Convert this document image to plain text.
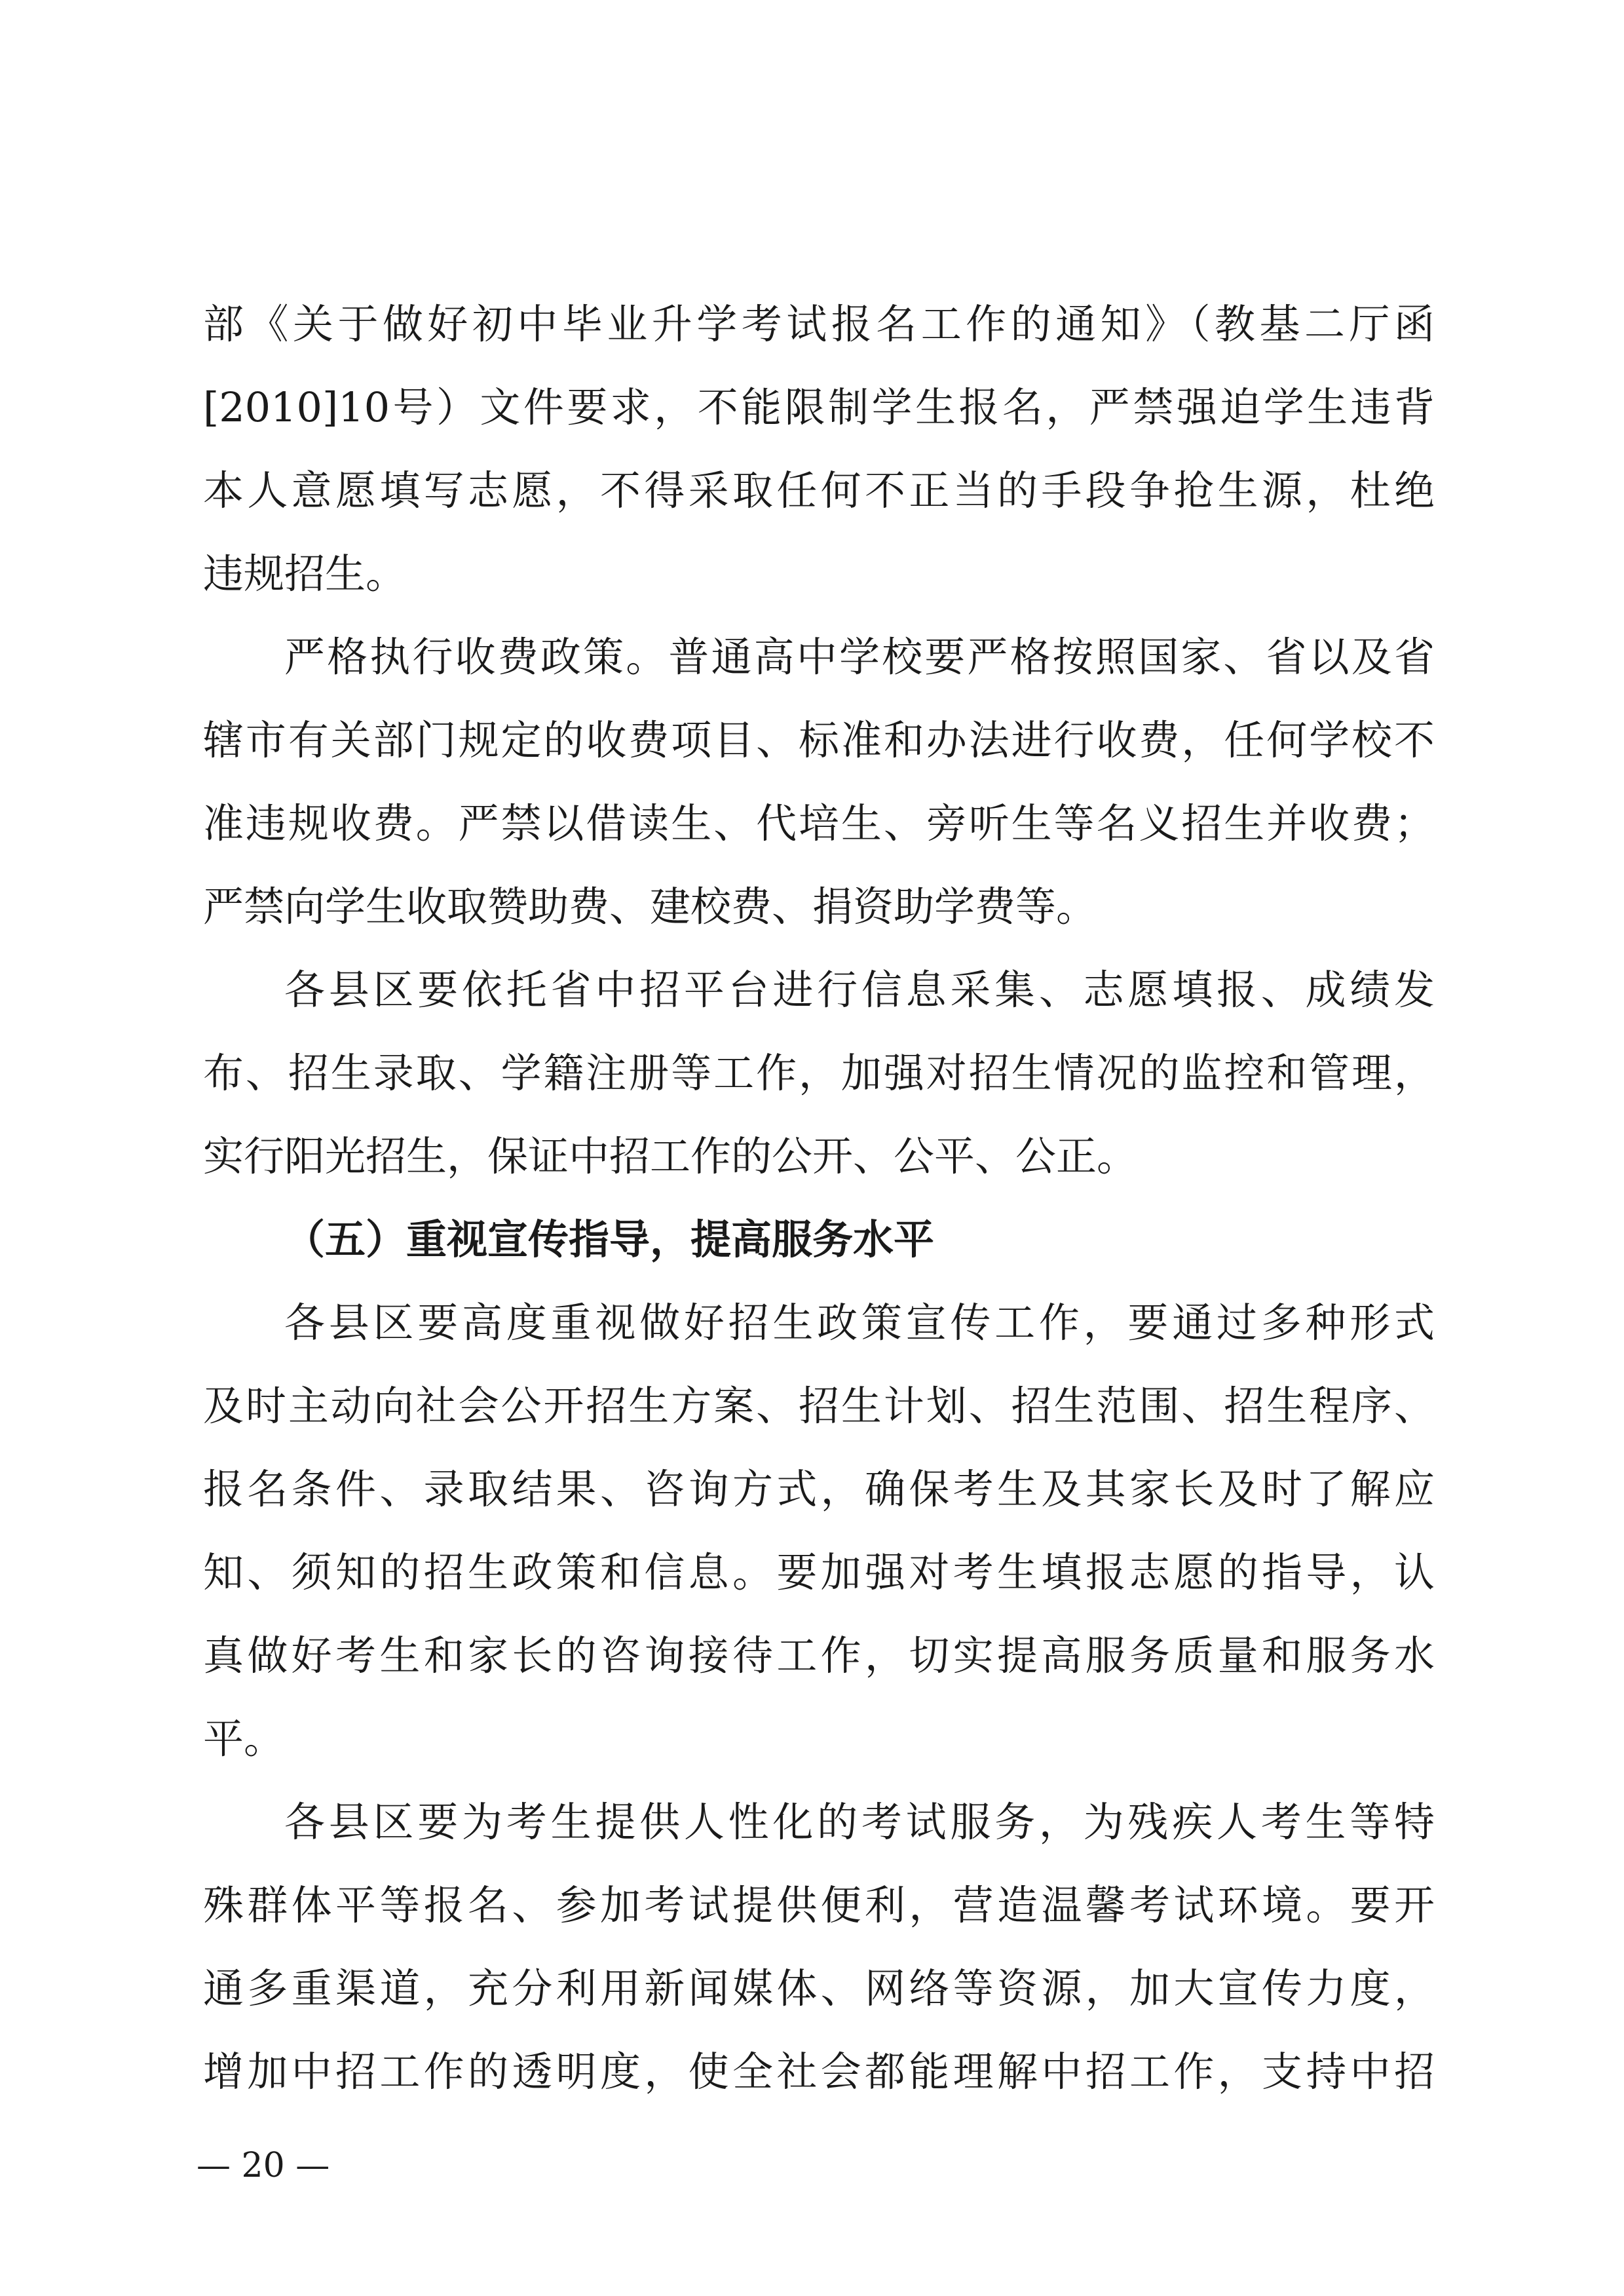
部《关于做好初中毕业升学考试报名工作的通知》（教基二厅函
[2010]10号）文件要求，不能限制学生报名，严禁强迫学生违背
本人意愿填写志愿，不得采取任何不正当的手段争抢生源，杜绝
违规招生。
严格执行收费政策。普通高中学校要严格按照国家、省以及省
辖市有关部门规定的收费项目、标准和办法进行收费，任何学校不
准违规收费。严禁以借读生、代培生、旁听生等名义招生并收费；
严禁向学生收取赞助费、建校费、捐资助学费等。
各县区要依托省中招平台进行信息采集、志愿填报、成绩发
布、招生录取、学籍注册等工作，加强对招生情况的监控和管理，
实行阳光招生，保证中招工作的公开、公平、公正。
（五）重视宣传指导，提高服务水平
各县区要高度重视做好招生政策宣传工作，要通过多种形式
及时主动向社会公开招生方案、招生计划、招生范围、招生程序、
报名条件、录取结果、咨询方式，确保考生及其家长及时了解应
知、须知的招生政策和信息。要加强对考生填报志愿的指导，认
真做好考生和家长的咨询接待工作，切实提高服务质量和服务水
平。
各县区要为考生提供人性化的考试服务，为残疾人考生等特
殊群体平等报名、参加考试提供便利，营造温馨考试环境。要开
通多重渠道，充分利用新闻媒体、网络等资源，加大宣传力度，
增加中招工作的透明度，使全社会都能理解中招工作，支持中招
— 20 —
